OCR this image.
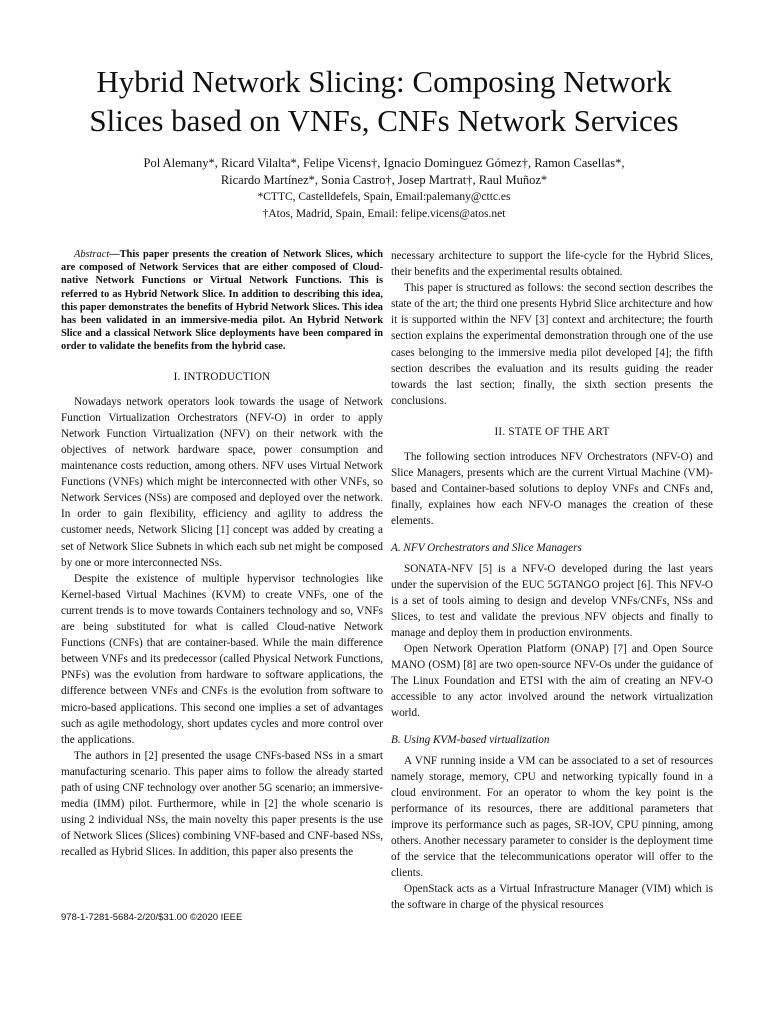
Hybrid Network Slicing: Composing Network
Slices based on VNFs, CNFs Network Services
Pol Alemany*, Ricard Vilalta*, Felipe Vicens†, Ignacio Dominguez Gómez†, Ramon Casellas*,
Ricardo Martínez*, Sonia Castro†, Josep Martrat†, Raul Muñoz*
*CTTC, Castelldefels, Spain, Email:palemany@cttc.es
†Atos, Madrid, Spain, Email: felipe.vicens@atos.net

Abstract—This paper presents the creation of Network Slices, which are composed of Network Services that are either composed of Cloud-native Network Functions or Virtual Network Functions. This is referred to as Hybrid Network Slice. In addition to describing this idea, this paper demonstrates the benefits of Hybrid Network Slices. This idea has been validated in an immersive-media pilot. An Hybrid Network Slice and a classical Network Slice deployments have been compared in order to validate the benefits from the hybrid case.

I. INTRODUCTION

Nowadays network operators look towards the usage of Network Function Virtualization Orchestrators (NFV-O) in order to apply Network Function Virtualization (NFV) on their network with the objectives of network hardware space, power consumption and maintenance costs reduction, among others. NFV uses Virtual Network Functions (VNFs) which might be interconnected with other VNFs, so Network Services (NSs) are composed and deployed over the network. In order to gain flexibility, efficiency and agility to address the customer needs, Network Slicing [1] concept was added by creating a set of Network Slice Subnets in which each sub net might be composed by one or more interconnected NSs.

Despite the existence of multiple hypervisor technologies like Kernel-based Virtual Machines (KVM) to create VNFs, one of the current trends is to move towards Containers technology and so, VNFs are being substituted for what is called Cloud-native Network Functions (CNFs) that are container-based. While the main difference between VNFs and its predecessor (called Physical Network Functions, PNFs) was the evolution from hardware to software applications, the difference between VNFs and CNFs is the evolution from software to micro-based applications. This second one implies a set of advantages such as agile methodology, short updates cycles and more control over the applications.

The authors in [2] presented the usage CNFs-based NSs in a smart manufacturing scenario. This paper aims to follow the already started path of using CNF technology over another 5G scenario; an immersive-media (IMM) pilot. Furthermore, while in [2] the whole scenario is using 2 individual NSs, the main novelty this paper presents is the use of Network Slices (Slices) combining VNF-based and CNF-based NSs, recalled as Hybrid Slices. In addition, this paper also presents the

necessary architecture to support the life-cycle for the Hybrid Slices, their benefits and the experimental results obtained.

This paper is structured as follows: the second section describes the state of the art; the third one presents Hybrid Slice architecture and how it is supported within the NFV [3] context and architecture; the fourth section explains the experimental demonstration through one of the use cases belonging to the immersive media pilot developed [4]; the fifth section describes the evaluation and its results guiding the reader towards the last section; finally, the sixth section presents the conclusions.

II. STATE OF THE ART

The following section introduces NFV Orchestrators (NFV-O) and Slice Managers, presents which are the current Virtual Machine (VM)-based and Container-based solutions to deploy VNFs and CNFs and, finally, explaines how each NFV-O manages the creation of these elements.

A. NFV Orchestrators and Slice Managers

SONATA-NFV [5] is a NFV-O developed during the last years under the supervision of the EUC 5GTANGO project [6]. This NFV-O is a set of tools aiming to design and develop VNFs/CNFs, NSs and Slices, to test and validate the previous NFV objects and finally to manage and deploy them in production environments.

Open Network Operation Platform (ONAP) [7] and Open Source MANO (OSM) [8] are two open-source NFV-Os under the guidance of The Linux Foundation and ETSI with the aim of creating an NFV-O accessible to any actor involved around the network virtualization world.

B. Using KVM-based virtualization

A VNF running inside a VM can be associated to a set of resources namely storage, memory, CPU and networking typically found in a cloud environment. For an operator to whom the key point is the performance of its resources, there are additional parameters that improve its performance such as pages, SR-IOV, CPU pinning, among others. Another necessary parameter to consider is the deployment time of the service that the telecommunications operator will offer to the clients.

OpenStack acts as a Virtual Infrastructure Manager (VIM) which is the software in charge of the physical resources

978-1-7281-5684-2/20/$31.00 ©2020 IEEE
